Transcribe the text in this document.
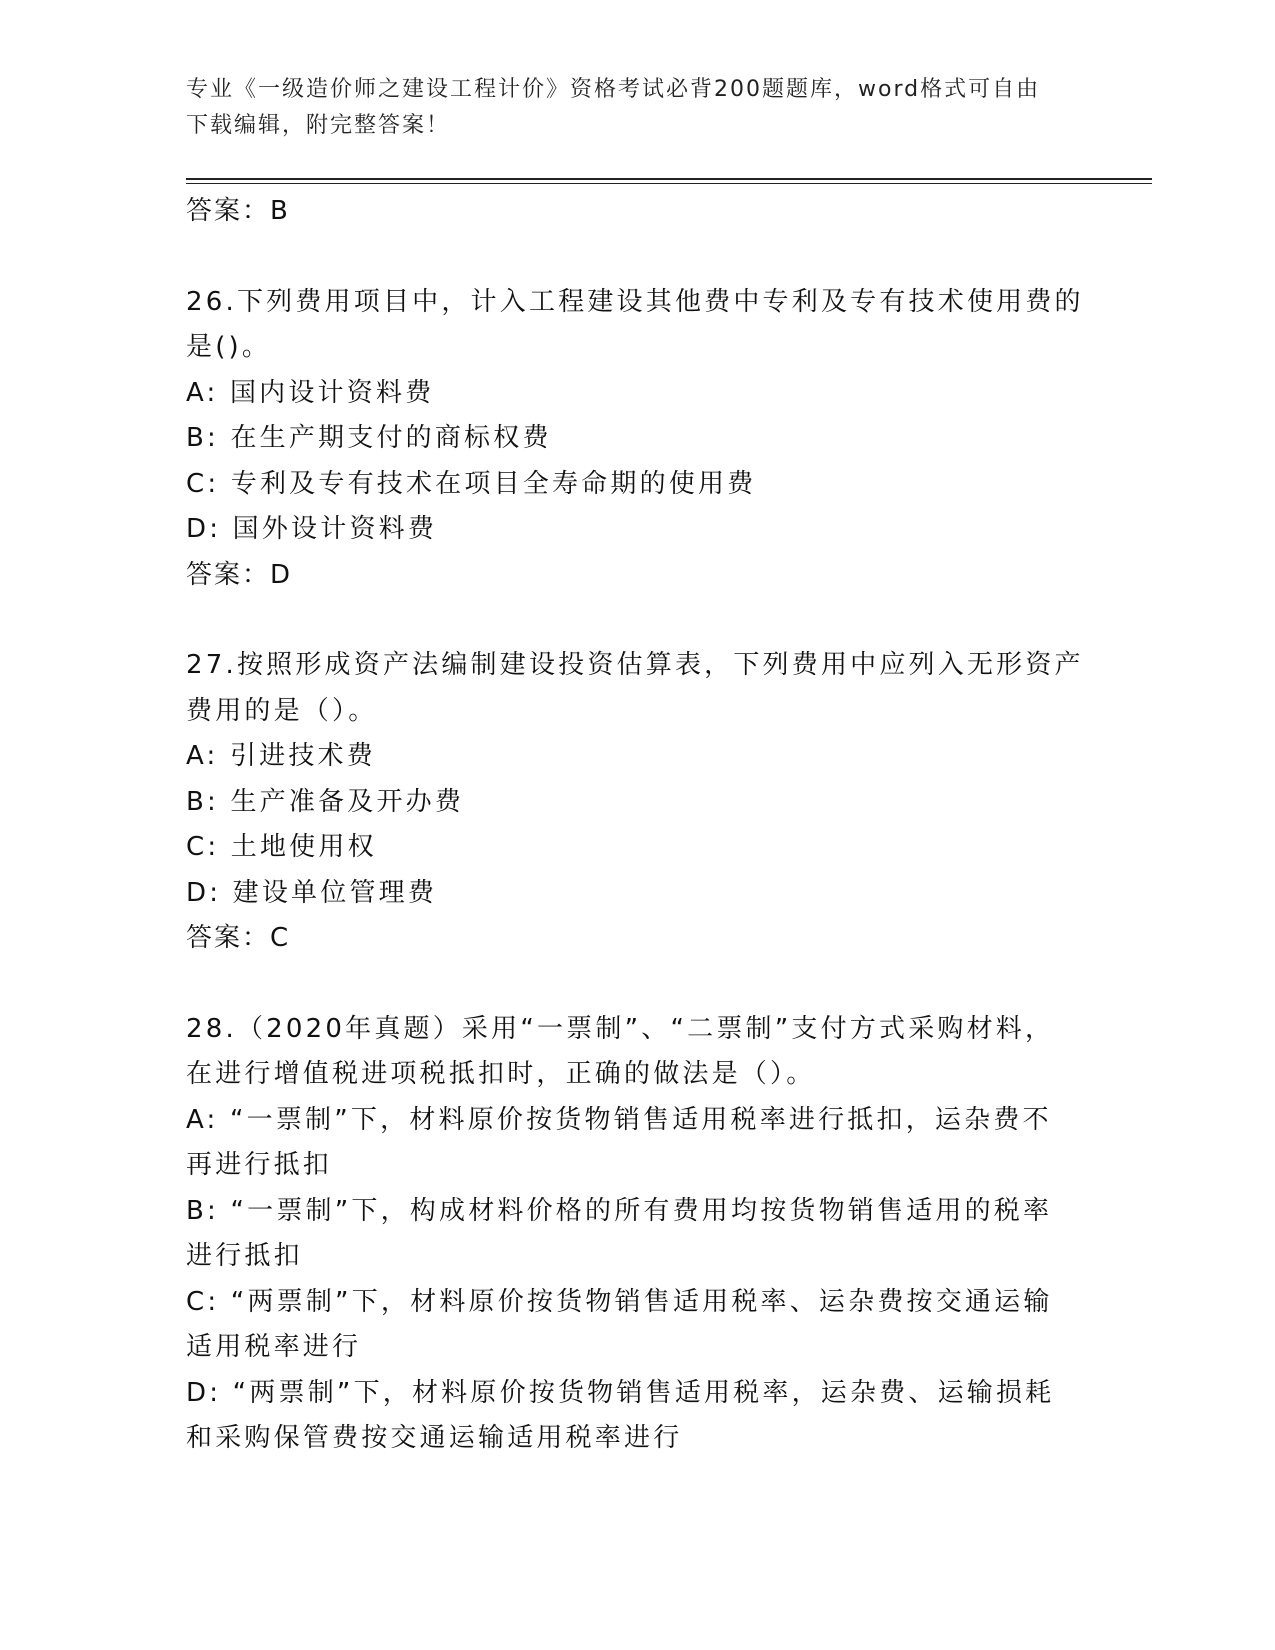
专业《一级造价师之建设工程计价》资格考试必背200题题库，word格式可自由
下载编辑，附完整答案！

答案：B

26.下列费用项目中，计入工程建设其他费中专利及专有技术使用费的

是()。

A: 国内设计资料费

B: 在生产期支付的商标权费

C: 专利及专有技术在项目全寿命期的使用费

D: 国外设计资料费

答案：D

27.按照形成资产法编制建设投资估算表，下列费用中应列入无形资产

费用的是（）。

A: 引进技术费

B: 生产准备及开办费

C: 土地使用权

D: 建设单位管理费

答案：C

28.（2020年真题）采用“一票制”、“二票制”支付方式采购材料，

在进行增值税进项税抵扣时，正确的做法是（）。

A: “一票制”下，材料原价按货物销售适用税率进行抵扣，运杂费不

再进行抵扣

B: “一票制”下，构成材料价格的所有费用均按货物销售适用的税率

进行抵扣

C: “两票制”下，材料原价按货物销售适用税率、运杂费按交通运输

适用税率进行

D: “两票制”下，材料原价按货物销售适用税率，运杂费、运输损耗

和采购保管费按交通运输适用税率进行
